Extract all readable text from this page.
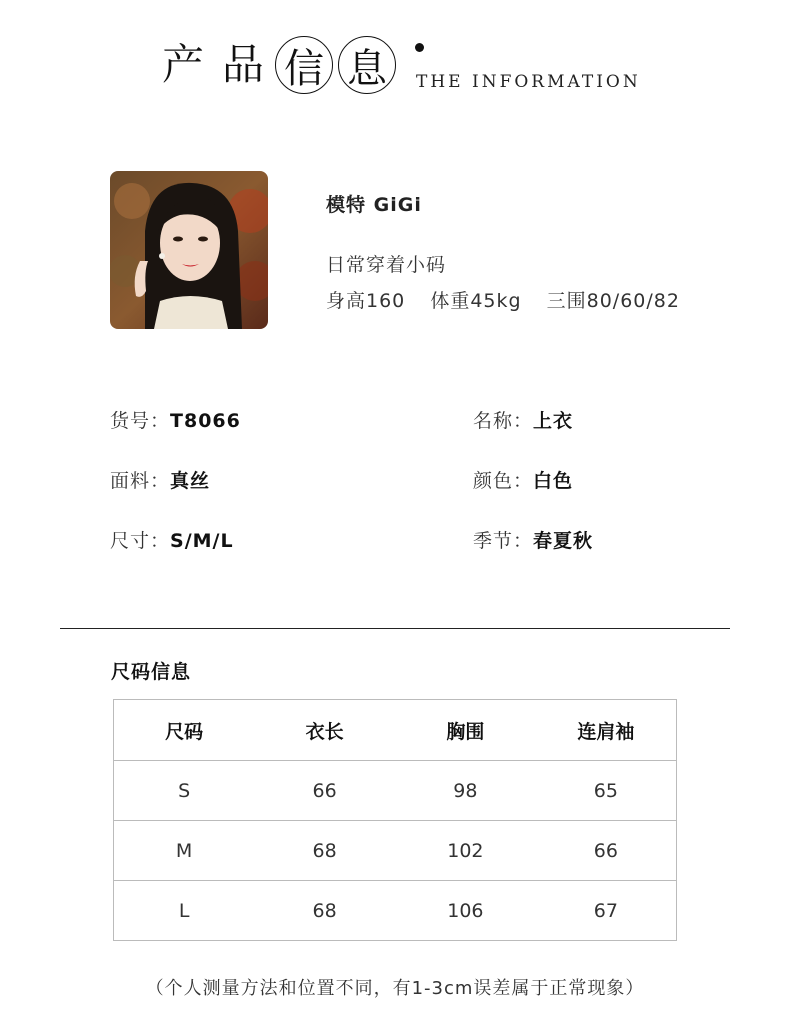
产 品 信 息	THE INFORMATION
模特 GiGi
日常穿着小码
身高160 体重45kg 三围80/60/82
货号：T8066	名称：上衣
面料：真丝	颜色：白色
尺寸：S/M/L	季节：春夏秋
尺码信息
尺码	衣长	胸围	连肩袖
S	66	98	65
M	68	102	66
L	68	106	67
（个人测量方法和位置不同，有1-3cm误差属于正常现象）
